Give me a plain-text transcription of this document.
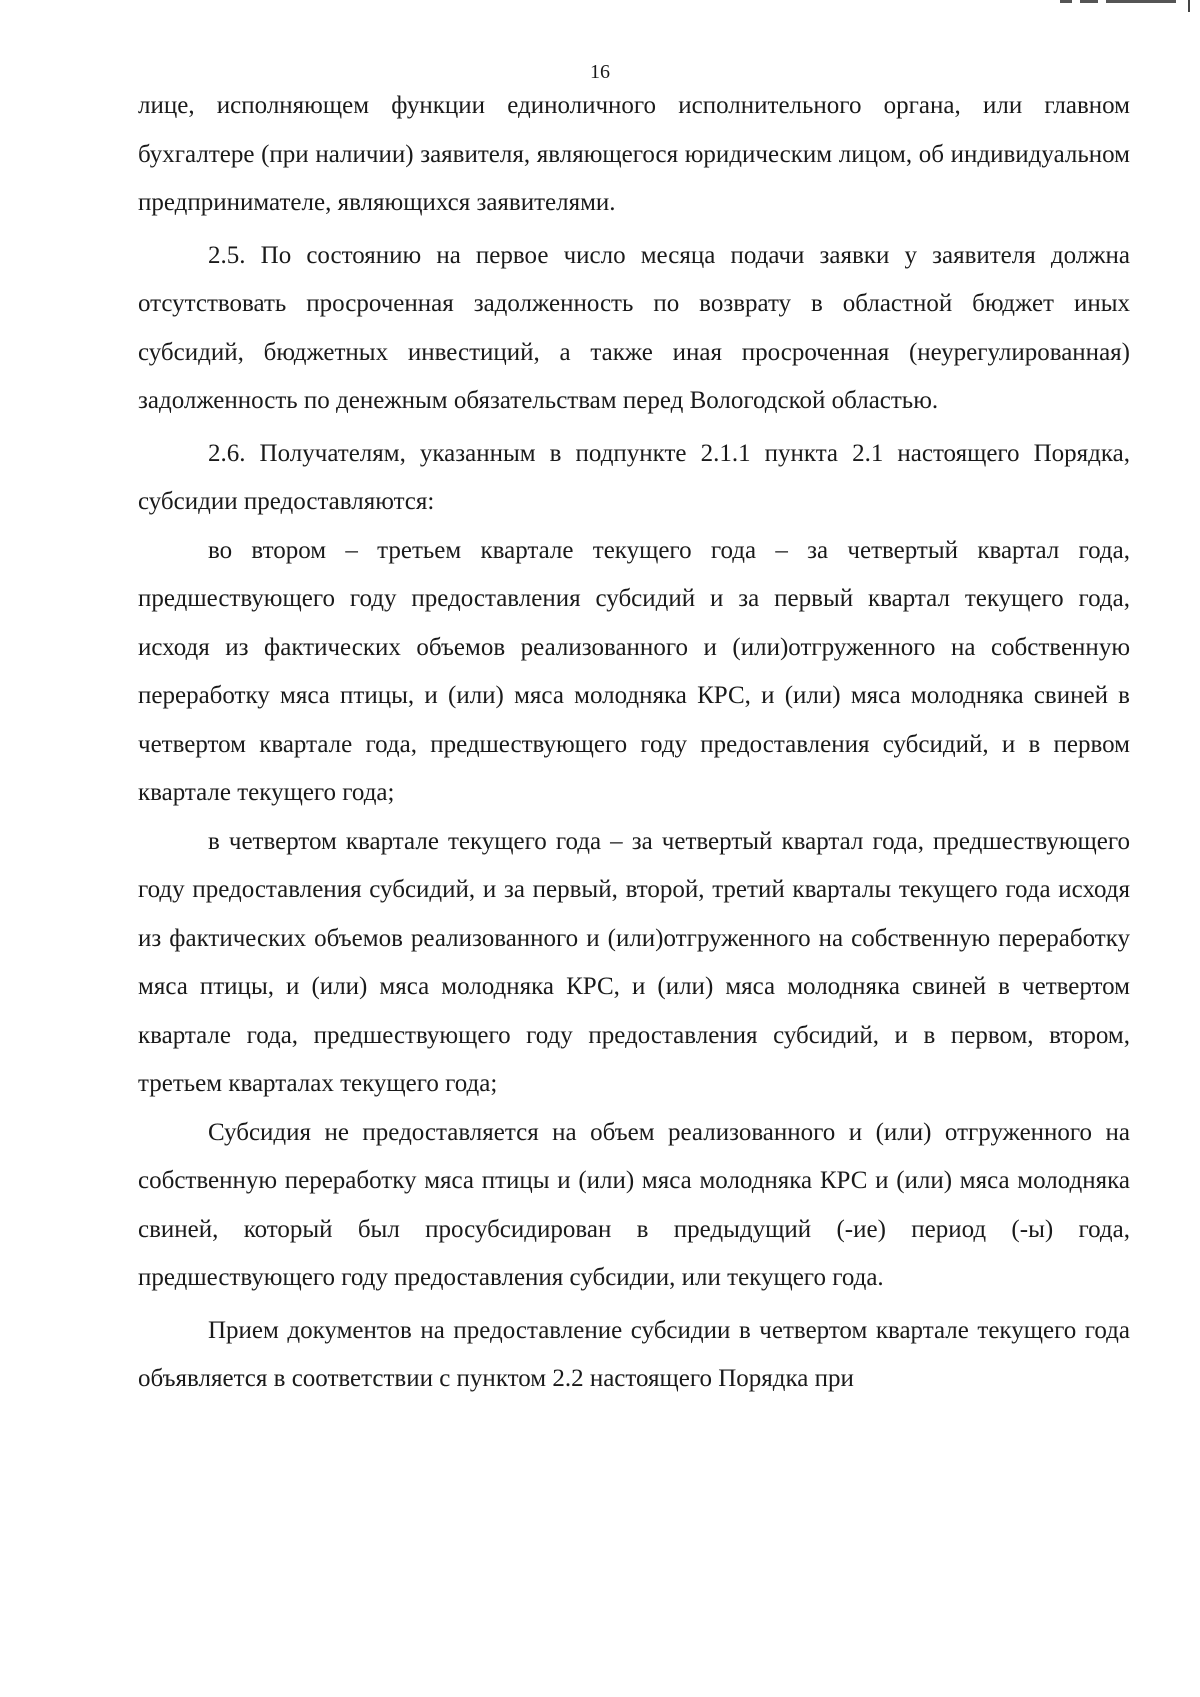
16

лице, исполняющем функции единоличного исполнительного органа, или главном бухгалтере (при наличии) заявителя, являющегося юридическим лицом, об индивидуальном предпринимателе, являющихся заявителями.

2.5. По состоянию на первое число месяца подачи заявки у заявителя должна отсутствовать просроченная задолженность по возврату в областной бюджет иных субсидий, бюджетных инвестиций, а также иная просроченная (неурегулированная) задолженность по денежным обязательствам перед Вологодской областью.

2.6. Получателям, указанным в подпункте 2.1.1 пункта 2.1 настоящего Порядка, субсидии предоставляются:

во втором – третьем квартале текущего года – за четвертый квартал года, предшествующего году предоставления субсидий и за первый квартал текущего года, исходя из фактических объемов реализованного и (или)отгруженного на собственную переработку мяса птицы, и (или) мяса молодняка КРС, и (или) мяса молодняка свиней в четвертом квартале года, предшествующего году предоставления субсидий, и в первом квартале текущего года;

в четвертом квартале текущего года – за четвертый квартал года, предшествующего году предоставления субсидий, и за первый, второй, третий кварталы текущего года исходя из фактических объемов реализованного и (или)отгруженного на собственную переработку мяса птицы, и (или) мяса молодняка КРС, и (или) мяса молодняка свиней в четвертом квартале года, предшествующего году предоставления субсидий, и в первом, втором, третьем кварталах текущего года;

Субсидия не предоставляется на объем реализованного и (или) отгруженного на собственную переработку мяса птицы и (или) мяса молодняка КРС и (или) мяса молодняка свиней, который был просубсидирован в предыдущий (-ие) период (-ы) года, предшествующего году предоставления субсидии, или текущего года.

Прием документов на предоставление субсидии в четвертом квартале текущего года объявляется в соответствии с пунктом 2.2 настоящего Порядка при
